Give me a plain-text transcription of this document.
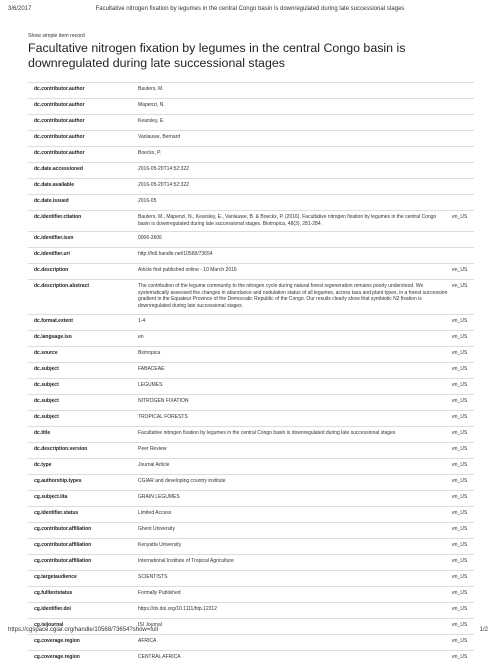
3/6/2017	Facultative nitrogen fixation by legumes in the central Congo basin is downregulated during late successional stages
Show simple item record
Facultative nitrogen fixation by legumes in the central Congo basin is downregulated during late successional stages
dc.contributor.author	Bauters, M.	
dc.contributor.author	Mapenzi, N.	
dc.contributor.author	Kearsley, E.	
dc.contributor.author	Vanlauwe, Bernard	
dc.contributor.author	Boeckx, P.	
dc.date.accessioned	2016-05-20T14:52:32Z	
dc.date.available	2016-05-20T14:52:32Z	
dc.date.issued	2016-05	
dc.identifier.citation	Bauters, M., Mapenzi, N., Kearsley, E., Vanlauwe, B. & Boeckx, P. (2016). Facultative nitrogen fixation by legumes in the central Congo basin is downregulated during late successional stages. Biotropica, 48(3), 281-284.	en_US
dc.identifier.issn	0006-3606	
dc.identifier.uri	http://hdl.handle.net/10568/73654	
dc.description	Article first published online - 10 March 2016	en_US
dc.description.abstract	The contribution of the legume community to the nitrogen cycle during natural forest regeneration remains poorly understood. We systematically assessed the changes in abundance and nodulation status of all legumes, across taxa and plant types, in a forest succession gradient in the Equateur Province of the Democratic Republic of the Congo. Our results clearly show that symbiotic N2 fixation is downregulated during late successional stages.	en_US
dc.format.extent	1-4	en_US
dc.language.iso	en	en_US
dc.source	Biotropica	en_US
dc.subject	FABACEAE	en_US
dc.subject	LEGUMES	en_US
dc.subject	NITROGEN FIXATION	en_US
dc.subject	TROPICAL FORESTS	en_US
dc.title	Facultative nitrogen fixation by legumes in the central Congo basin is downregulated during late successional stages	en_US
dc.description.version	Peer Review	en_US
dc.type	Journal Article	en_US
cg.authorship.types	CGIAR and developing country institute	en_US
cg.subject.iita	GRAIN LEGUMES	en_US
cg.identifier.status	Limited Access	en_US
cg.contributor.affiliation	Ghent University	en_US
cg.contributor.affiliation	Kenyatta University	en_US
cg.contributor.affiliation	International Institute of Tropical Agriculture	en_US
cg.targetaudience	SCIENTISTS	en_US
cg.fulltextstatus	Formally Published	en_US
cg.identifier.doi	https://dx.doi.org/10.1111/btp.12312	en_US
cg.isijournal	ISI Journal	en_US
cg.coverage.region	AFRICA	en_US
cg.coverage.region	CENTRAL AFRICA	en_US
https://cgspace.cgiar.org/handle/10568/73654?show=full	1/2
